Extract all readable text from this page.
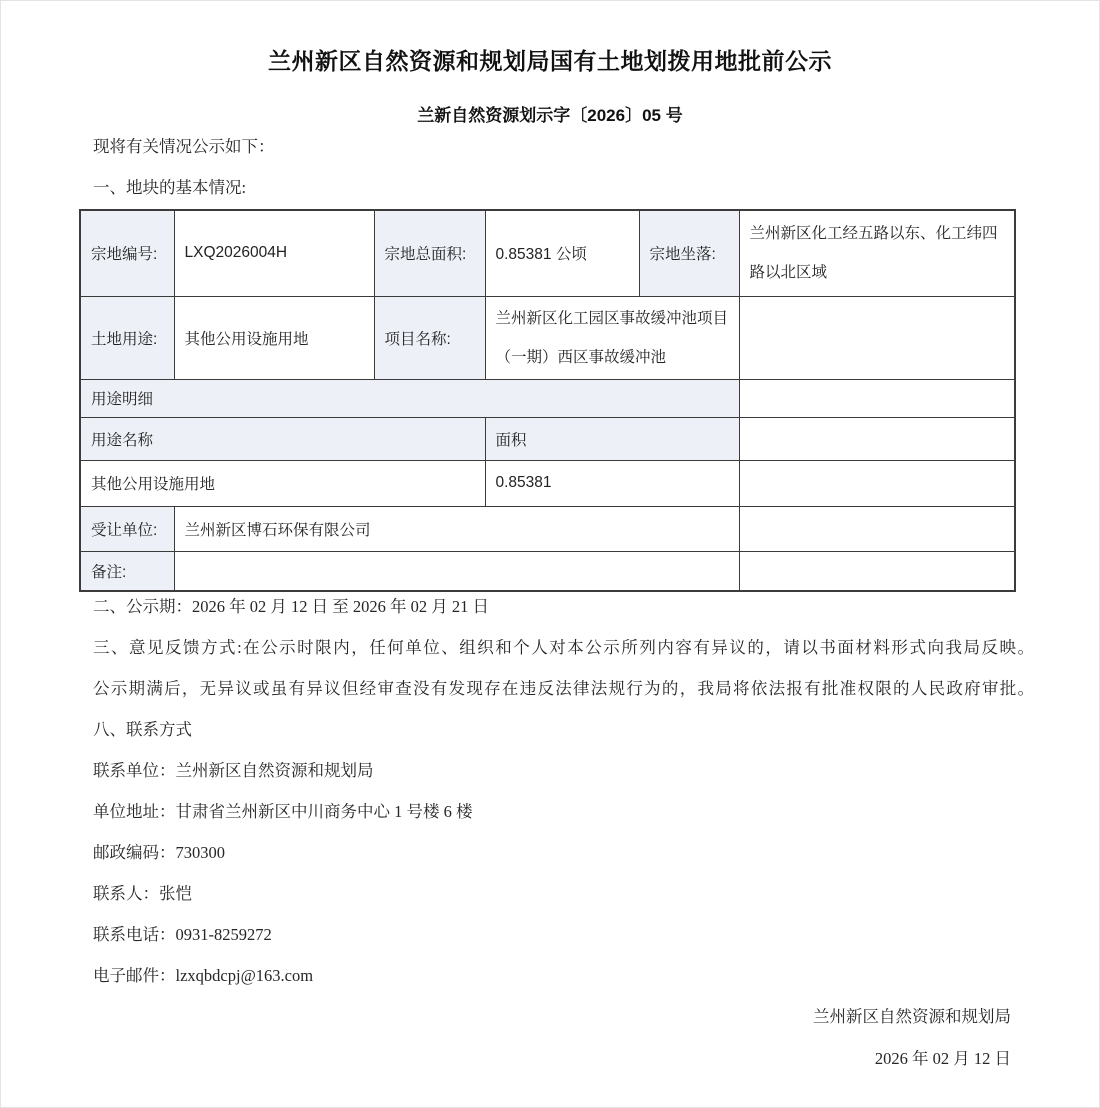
兰州新区自然资源和规划局国有土地划拨用地批前公示
兰新自然资源划示字〔2026〕05 号
现将有关情况公示如下：
一、地块的基本情况:
宗地编号:	LXQ2026004H	宗地总面积:	0.85381 公顷	宗地坐落:	兰州新区化工经五路以东、化工纬四路以北区域
土地用途:	其他公用设施用地	项目名称:	兰州新区化工园区事故缓冲池项目（一期）西区事故缓冲池		
用途明细					
用途名称			面积		
其他公用设施用地			0.85381		
受让单位:	兰州新区博石环保有限公司				
备注:					

二、公示期：2026 年 02 月 12 日 至 2026 年 02 月 21 日

三、意见反馈方式:在公示时限内，任何单位、组织和个人对本公示所列内容有异议的，请以书面材料形式向我局反映。

公示期满后，无异议或虽有异议但经审查没有发现存在违反法律法规行为的，我局将依法报有批准权限的人民政府审批。

八、联系方式

联系单位：兰州新区自然资源和规划局

单位地址：甘肃省兰州新区中川商务中心 1 号楼 6 楼

邮政编码：730300

联系人：张恺

联系电话：0931-8259272

电子邮件：lzxqbdcpj@163.com

兰州新区自然资源和规划局

2026 年 02 月 12 日
